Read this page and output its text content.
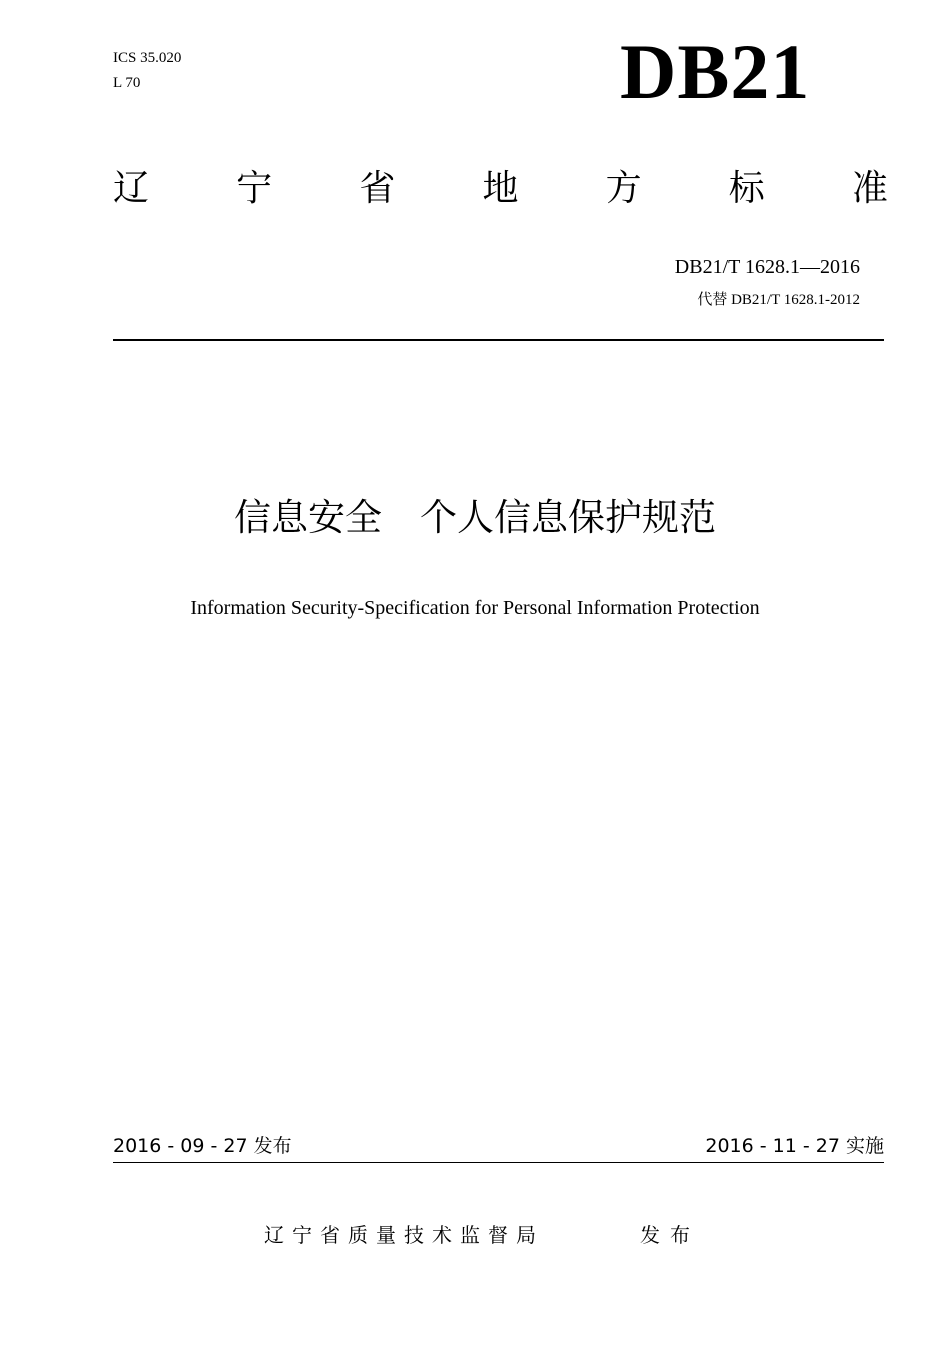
ICS 35.020
L 70	DB21
辽 宁 省 地 方 标 准
DB21/T 1628.1—2016
代替 DB21/T 1628.1-2012
信息安全 个人信息保护规范
Information Security-Specification for Personal Information Protection
2016 - 09 - 27 发布	2016 - 11 - 27 实施
辽宁省质量技术监督局	发布
